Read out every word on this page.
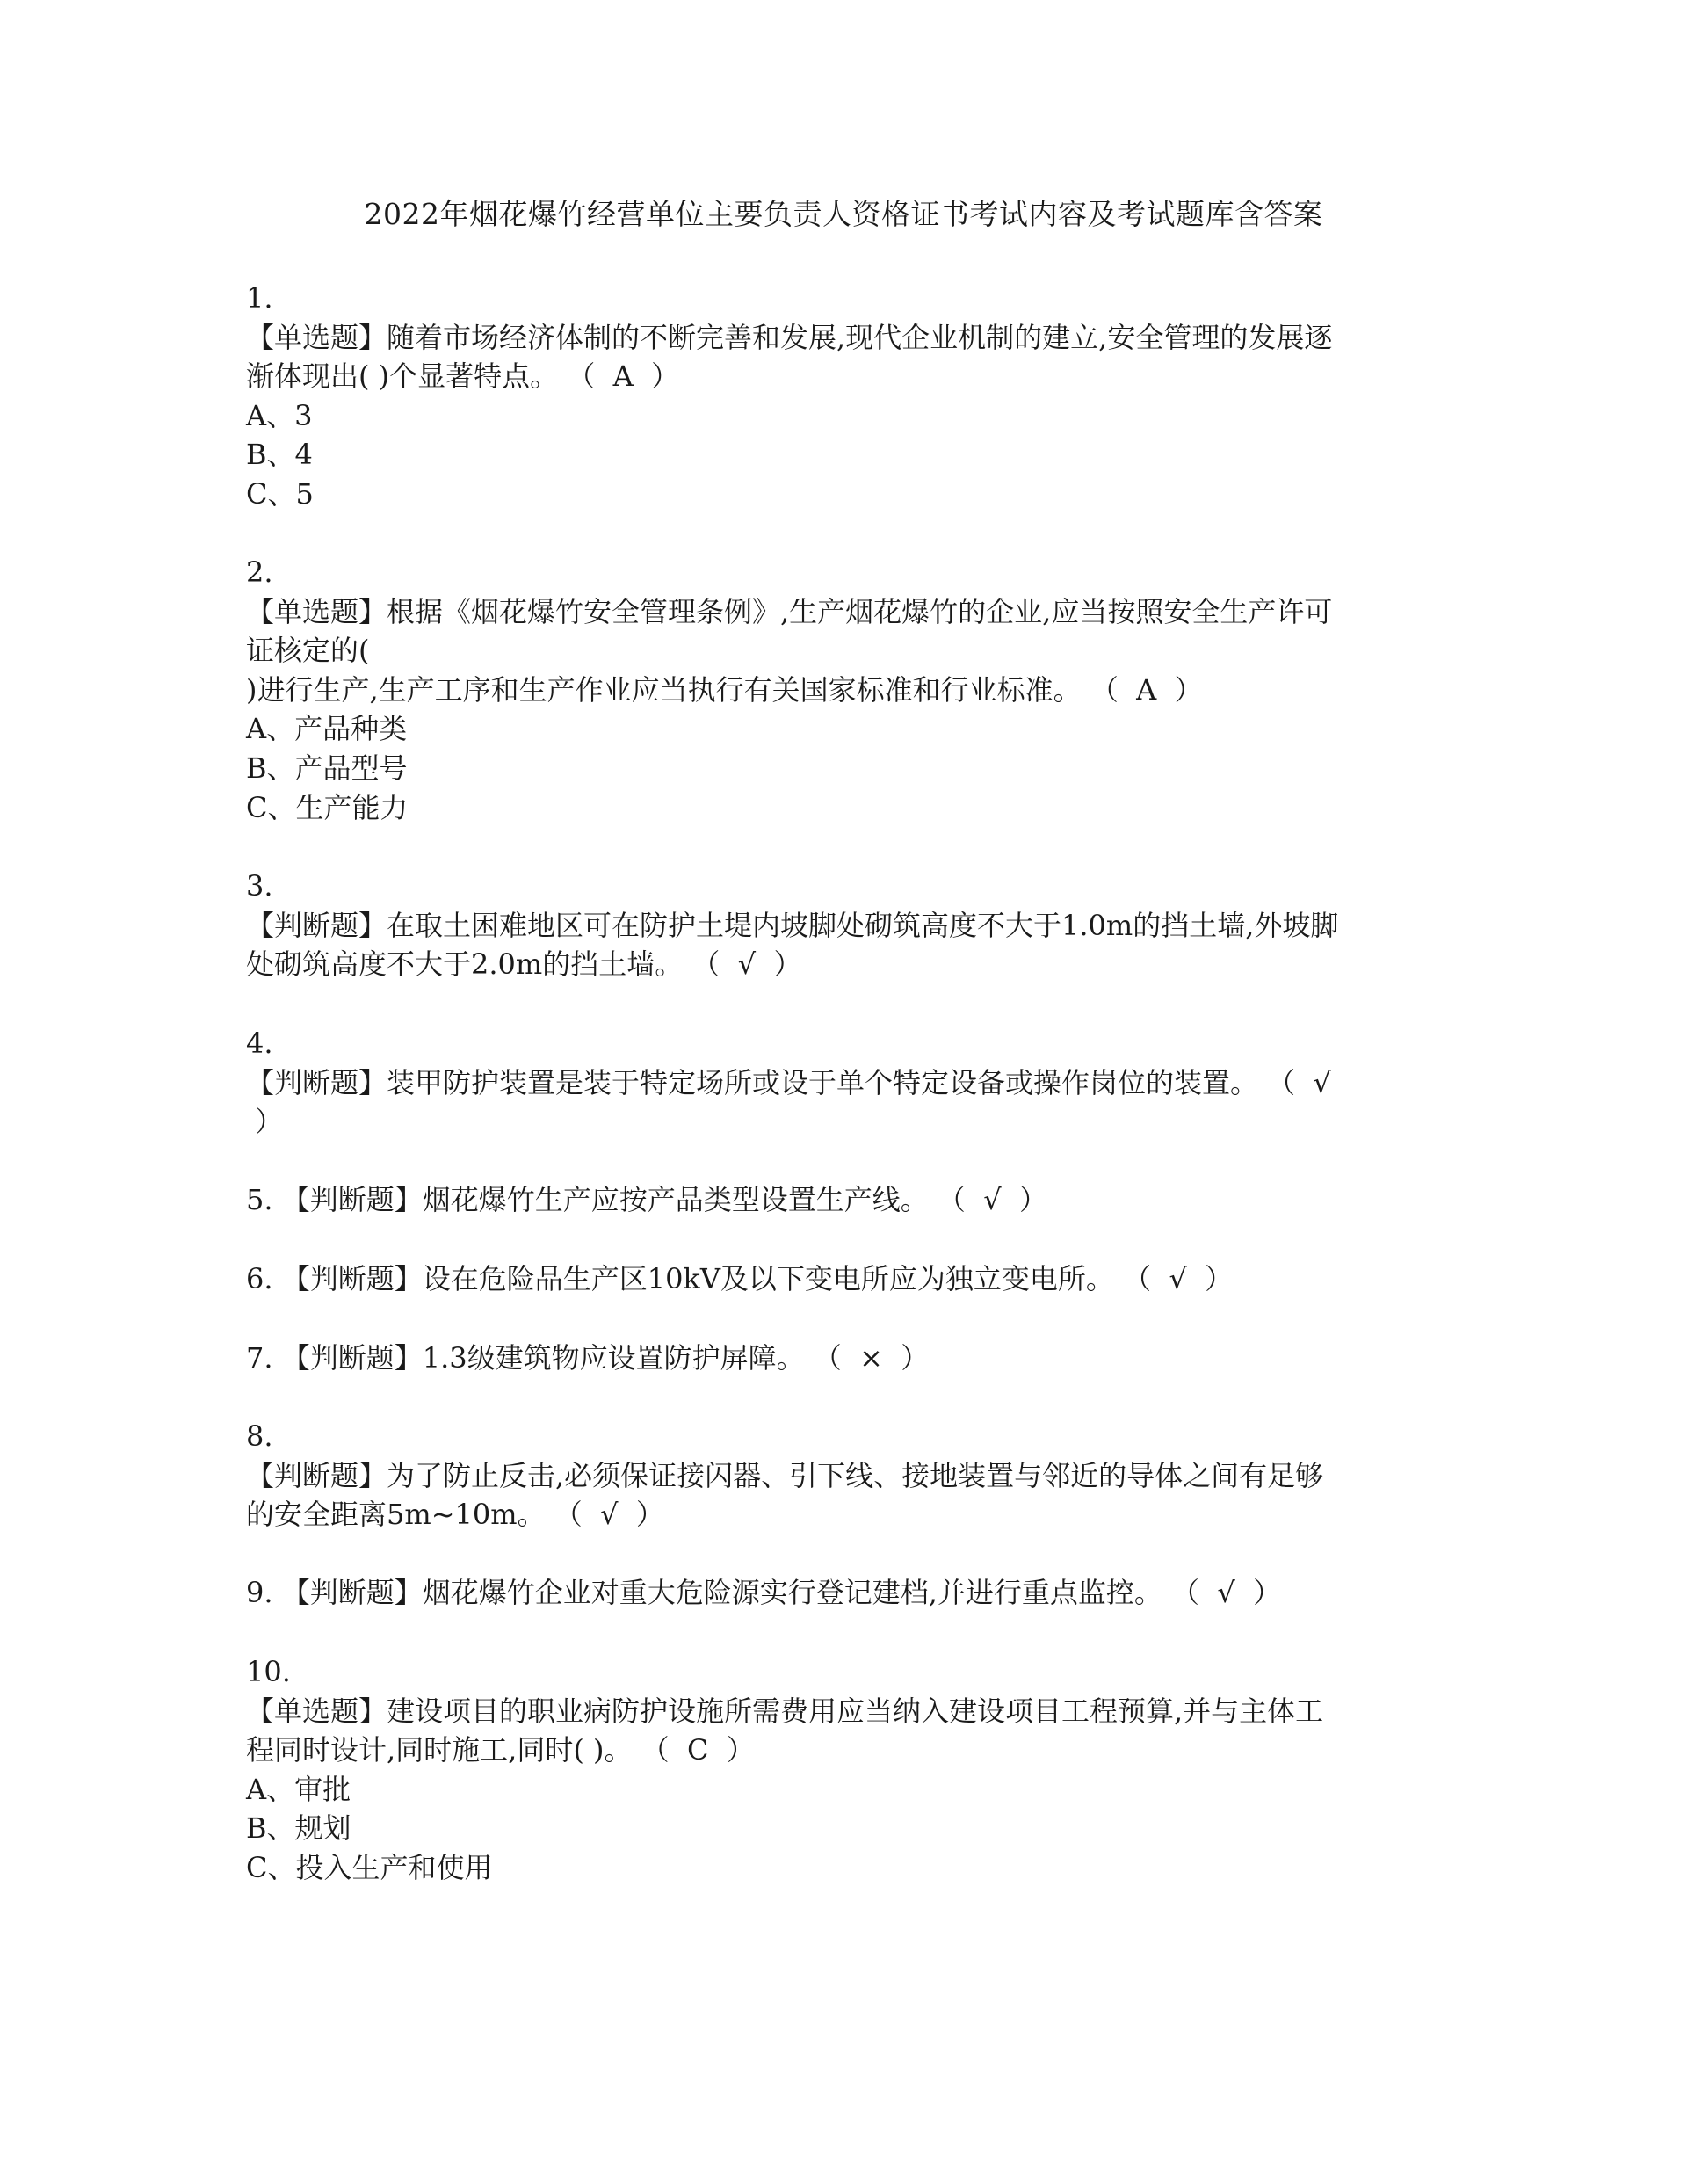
2022年烟花爆竹经营单位主要负责人资格证书考试内容及考试题库含答案
1.
【单选题】随着市场经济体制的不断完善和发展,现代企业机制的建立,安全管理的发展逐
渐体现出( )个显著特点。 （  A  ）
A、3
B、4
C、5
2.
【单选题】根据《烟花爆竹安全管理条例》,生产烟花爆竹的企业,应当按照安全生产许可
证核定的(
)进行生产,生产工序和生产作业应当执行有关国家标准和行业标准。 （  A  ）
A、产品种类
B、产品型号
C、生产能力
3.
【判断题】在取土困难地区可在防护土堤内坡脚处砌筑高度不大于1.0m的挡土墙,外坡脚
处砌筑高度不大于2.0m的挡土墙。 （  √  ）
4.
【判断题】装甲防护装置是装于特定场所或设于单个特定设备或操作岗位的装置。 （  √
）
5. 【判断题】烟花爆竹生产应按产品类型设置生产线。 （  √  ）
6. 【判断题】设在危险品生产区10kV及以下变电所应为独立变电所。 （  √  ）
7. 【判断题】1.3级建筑物应设置防护屏障。 （  ×  ）
8.
【判断题】为了防止反击,必须保证接闪器、引下线、接地装置与邻近的导体之间有足够
的安全距离5m~10m。 （  √  ）
9. 【判断题】烟花爆竹企业对重大危险源实行登记建档,并进行重点监控。 （  √  ）
10.
【单选题】建设项目的职业病防护设施所需费用应当纳入建设项目工程预算,并与主体工
程同时设计,同时施工,同时( )。 （  C  ）
A、审批
B、规划
C、投入生产和使用
